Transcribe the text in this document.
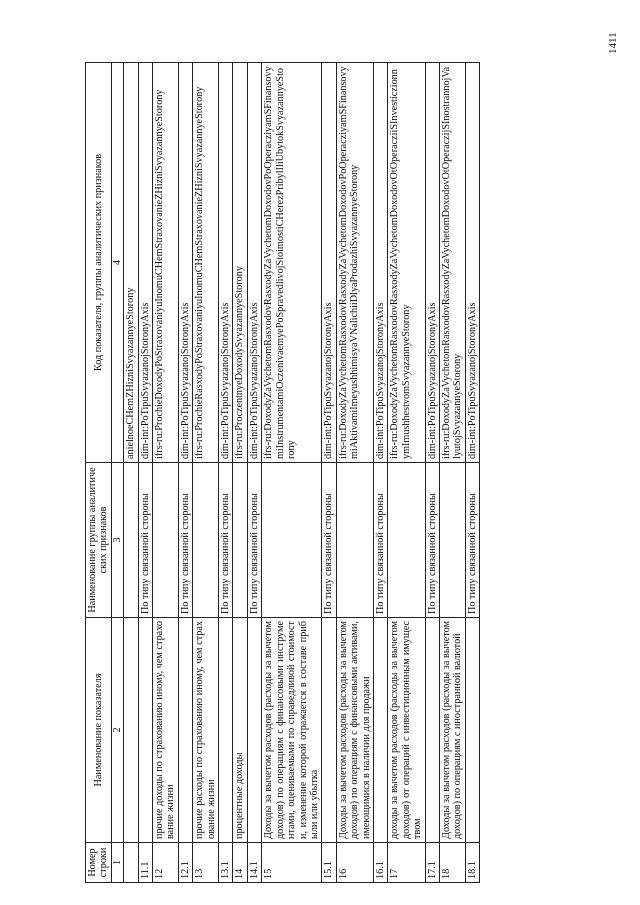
1411
Номер строки	Наименование показателя	Наименование группы аналитических признаков	Код показателя, группы аналитических признаков
1	2	3	4
			anielnoeCHemZHizniSvyazannyeStorony
11.1		По типу связанной стороны	dim-int:PoTipuSvyazanojStoronyAxis
12	прочие доходы по страхованию иному, чем страхование жизни		ifrs-ru:ProchieDoxodyPoStraxovaniyuInomuCHemStraxovanieZHizniSvyazannyeStorony
12.1		По типу связанной стороны	dim-int:PoTipuSvyazanojStoronyAxis
13	прочие расходы по страхованию иному, чем страхование жизни		ifrs-ru:ProchieRasxodyPoStraxovaniyuInomuCHemStraxovanieZHizniSvyazannyeStorony
13.1		По типу связанной стороны	dim-int:PoTipuSvyazanojStoronyAxis
14	процентные доходы		ifrs-ru:ProczentnyeDoxodySvyazannyeStorony
14.1		По типу связанной стороны	dim-int:PoTipuSvyazanojStoronyAxis
15	Доходы за вычетом расходов (расходы за вычетом доходов) по операциям с финансовыми инструментами, оцениваемыми по справедливой стоимости, изменение которой отражается в составе прибыли или убытка		ifrs-ru:DoxodyZaVychetomRasxodovRasxodyZaVychetomDoxodovPoOperacziyamSFinansovymiInstrumentamiOczenivaemyePoSpravedlivojStoimostiCHerezPribylIliUbytokSvyazannyeStorony
15.1		По типу связанной стороны	dim-int:PoTipuSvyazanojStoronyAxis
16	Доходы за вычетом расходов (расходы за вычетом доходов) по операциям с финансовыми активами, имеющимися в наличии для продажи		ifrs-ru:DoxodyZaVychetomRasxodovRasxodyZaVychetomDoxodovPoOperacziyamSFinansovymiAktivamiImeyushhimisyaVNalichiiDlyaProdazhiSvyazannyeStorony
16.1		По типу связанной стороны	dim-int:PoTipuSvyazanojStoronyAxis
17	доходы за вычетом расходов (расходы за вычетом доходов) от операций с инвестиционным имуществом		ifrs-ru:DoxodyZaVychetomRasxodovRasxodyZaVychetomDoxodovOtOperacziiSInvesticzionnymImushhestvomSvyazannyeStorony
17.1		По типу связанной стороны	dim-int:PoTipuSvyazanojStoronyAxis
18	Доходы за вычетом расходов (расходы за вычетом доходов) по операциям с иностранной валютой		ifrs-ru:DoxodyZaVychetomRasxodovRasxodyZaVychetomDoxodovOtOperaczijSInostrannojValyutojSvyazannyeStorony
18.1		По типу связанной стороны	dim-int:PoTipuSvyazanojStoronyAxis
